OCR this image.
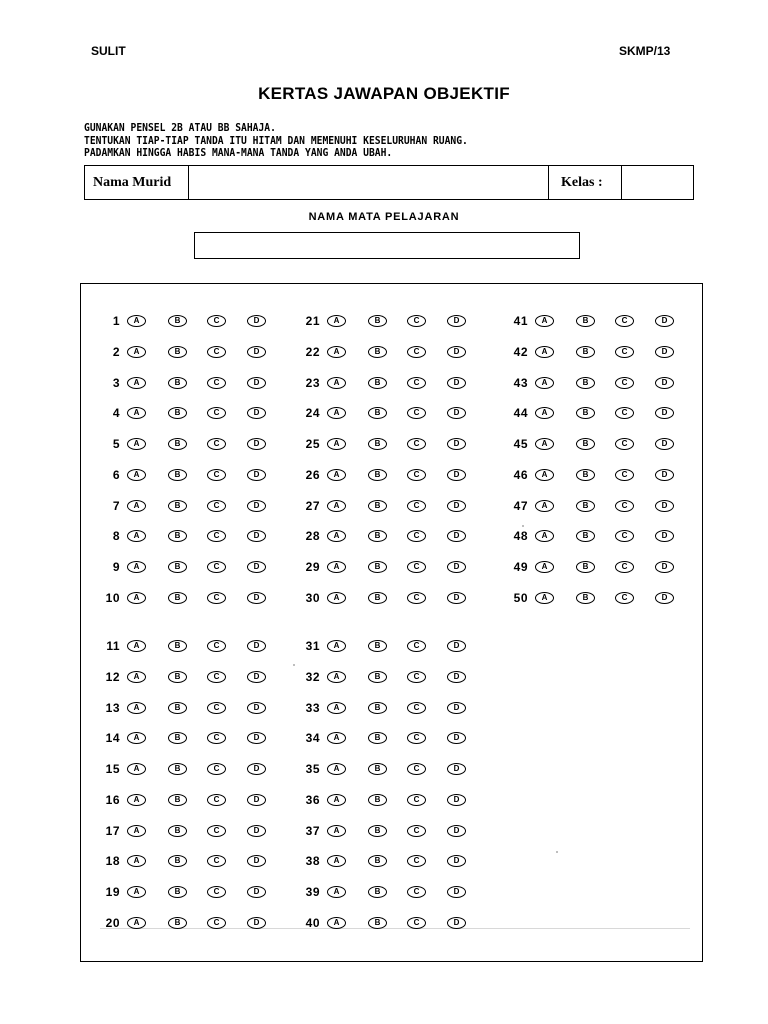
SULIT	SKMP/13
KERTAS JAWAPAN OBJEKTIF
GUNAKAN PENSEL 2B ATAU BB SAHAJA.
TENTUKAN TIAP-TIAP TANDA ITU HITAM DAN MEMENUHI KESELURUHAN RUANG.
PADAMKAN HINGGA HABIS MANA-MANA TANDA YANG ANDA UBAH.
Nama Murid	Kelas :
NAMA MATA PELAJARAN
1	A	B	C	D
2	A	B	C	D
3	A	B	C	D
4	A	B	C	D
5	A	B	C	D
6	A	B	C	D
7	A	B	C	D
8	A	B	C	D
9	A	B	C	D
10	A	B	C	D
11	A	B	C	D
12	A	B	C	D
13	A	B	C	D
14	A	B	C	D
15	A	B	C	D
16	A	B	C	D
17	A	B	C	D
18	A	B	C	D
19	A	B	C	D
20	A	B	C	D
21	A	B	C	D
22	A	B	C	D
23	A	B	C	D
24	A	B	C	D
25	A	B	C	D
26	A	B	C	D
27	A	B	C	D
28	A	B	C	D
29	A	B	C	D
30	A	B	C	D
31	A	B	C	D
32	A	B	C	D
33	A	B	C	D
34	A	B	C	D
35	A	B	C	D
36	A	B	C	D
37	A	B	C	D
38	A	B	C	D
39	A	B	C	D
40	A	B	C	D
41	A	B	C	D
42	A	B	C	D
43	A	B	C	D
44	A	B	C	D
45	A	B	C	D
46	A	B	C	D
47	A	B	C	D
48	A	B	C	D
49	A	B	C	D
50	A	B	C	D
